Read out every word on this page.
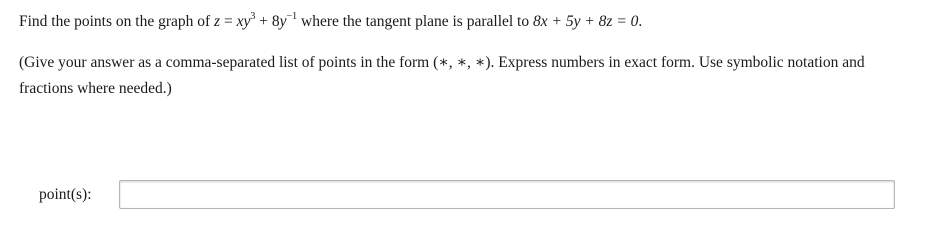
Find the points on the graph of $z = xy^3 + 8y^{-1}$ where the tangent plane is parallel to 8x + 5y + 8z = 0.
(Give your answer as a comma-separated list of points in the form (∗, ∗, ∗). Express numbers in exact form. Use symbolic notation and fractions where needed.)
point(s):
